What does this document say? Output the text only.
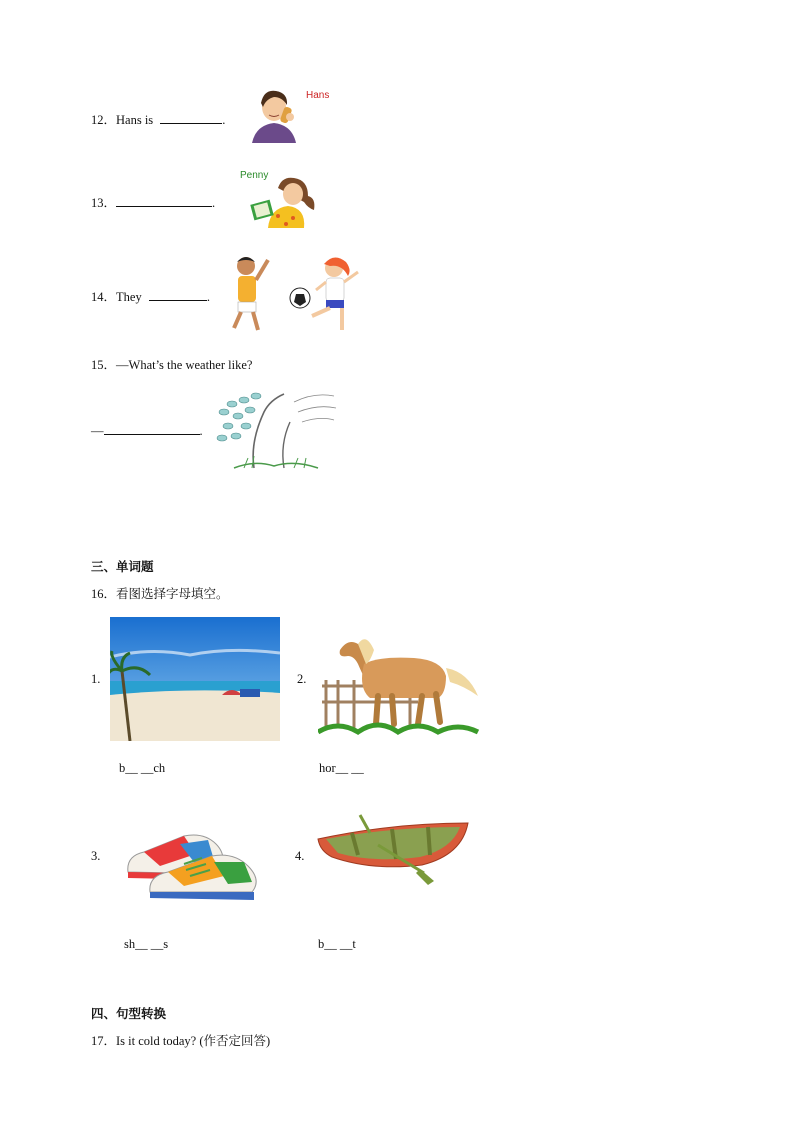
12．Hans is	.
Hans
13．	.
Penny
14．They	.
15．—What’s the weather like?
—	.
三、单词题
16．看图选择字母填空。
1.
b__ __ch
2.
hor__ __
3.
sh__ __s
4.
b__ __t
四、句型转换
17．Is it cold today? (作否定回答)
